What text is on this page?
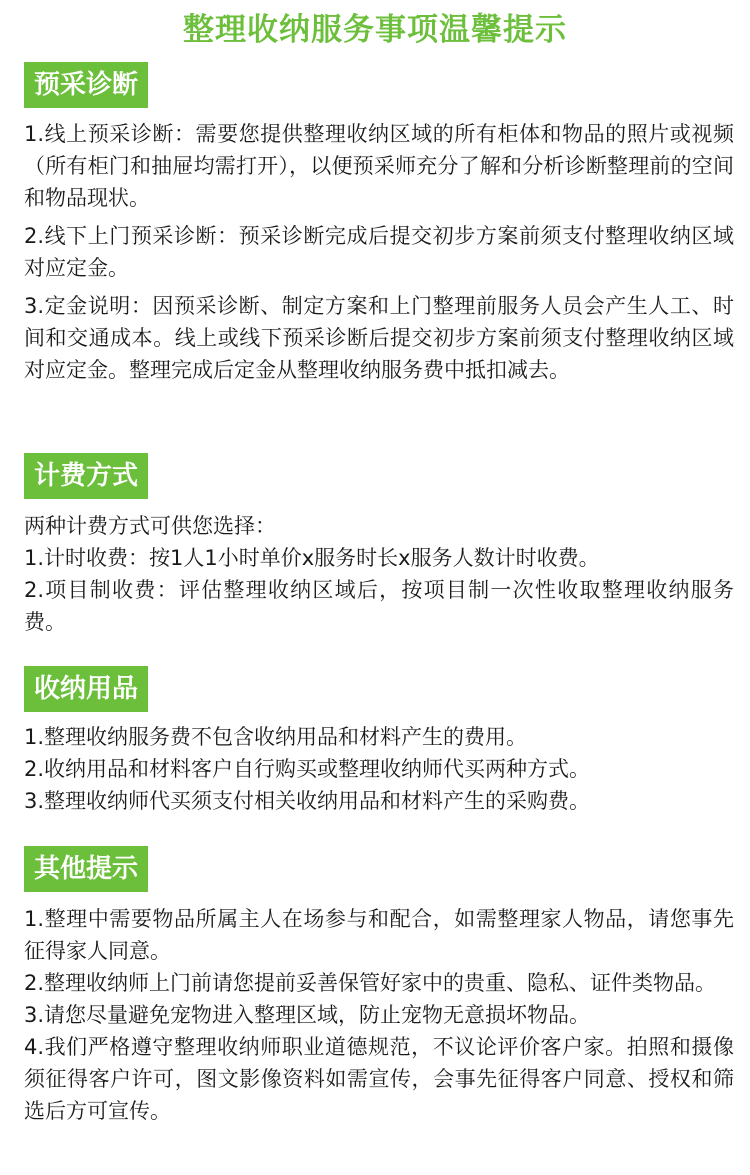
整理收纳服务事项温馨提示
预采诊断

1.线上预采诊断：需要您提供整理收纳区域的所有柜体和物品的照片或视频（所有柜门和抽屉均需打开），以便预采师充分了解和分析诊断整理前的空间和物品现状。

2.线下上门预采诊断：预采诊断完成后提交初步方案前须支付整理收纳区域对应定金。

3.定金说明：因预采诊断、制定方案和上门整理前服务人员会产生人工、时间和交通成本。线上或线下预采诊断后提交初步方案前须支付整理收纳区域对应定金。整理完成后定金从整理收纳服务费中抵扣减去。

计费方式

两种计费方式可供您选择：

1.计时收费：按1人1小时单价x服务时长x服务人数计时收费。

2.项目制收费：评估整理收纳区域后，按项目制一次性收取整理收纳服务费。

收纳用品

1.整理收纳服务费不包含收纳用品和材料产生的费用。

2.收纳用品和材料客户自行购买或整理收纳师代买两种方式。

3.整理收纳师代买须支付相关收纳用品和材料产生的采购费。

其他提示

1.整理中需要物品所属主人在场参与和配合，如需整理家人物品，请您事先征得家人同意。

2.整理收纳师上门前请您提前妥善保管好家中的贵重、隐私、证件类物品。

3.请您尽量避免宠物进入整理区域，防止宠物无意损坏物品。

4.我们严格遵守整理收纳师职业道德规范，不议论评价客户家。拍照和摄像须征得客户许可，图文影像资料如需宣传，会事先征得客户同意、授权和筛选后方可宣传。
